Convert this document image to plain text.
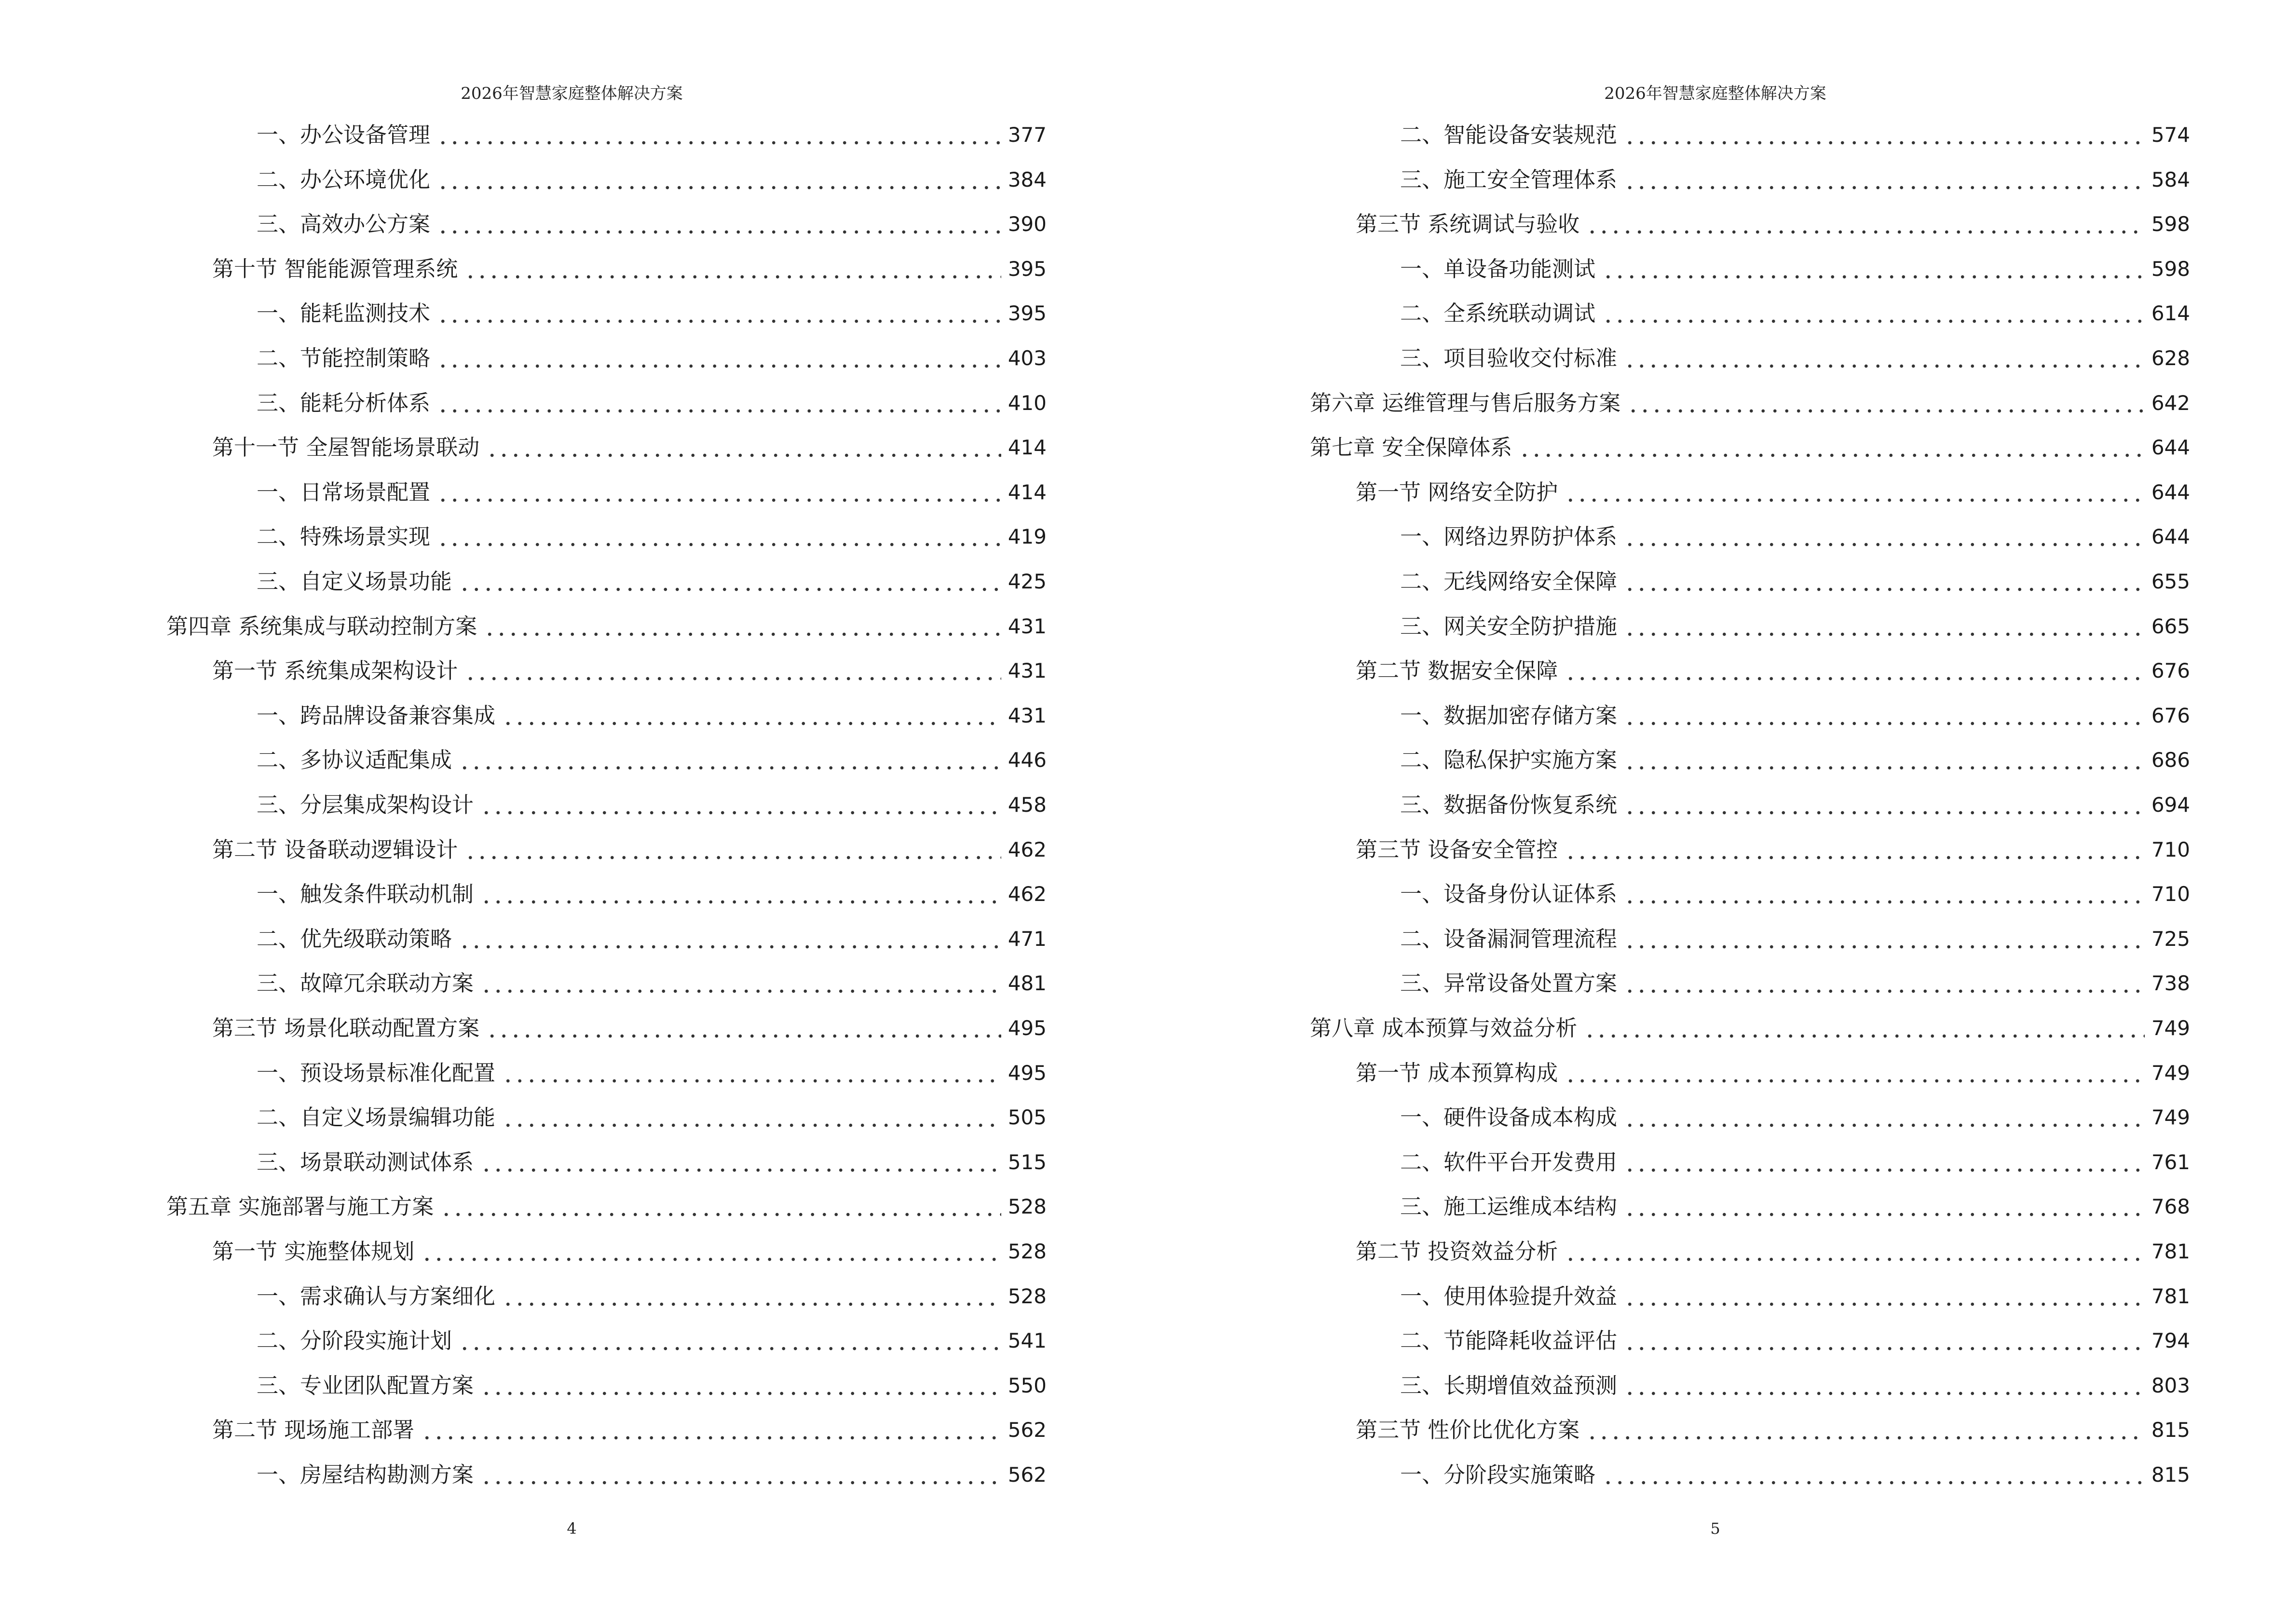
2026年智慧家庭整体解决方案
一、办公设备管理	377
二、办公环境优化	384
三、高效办公方案	390
第十节 智能能源管理系统	395
一、能耗监测技术	395
二、节能控制策略	403
三、能耗分析体系	410
第十一节 全屋智能场景联动	414
一、日常场景配置	414
二、特殊场景实现	419
三、自定义场景功能	425
第四章 系统集成与联动控制方案	431
第一节 系统集成架构设计	431
一、跨品牌设备兼容集成	431
二、多协议适配集成	446
三、分层集成架构设计	458
第二节 设备联动逻辑设计	462
一、触发条件联动机制	462
二、优先级联动策略	471
三、故障冗余联动方案	481
第三节 场景化联动配置方案	495
一、预设场景标准化配置	495
二、自定义场景编辑功能	505
三、场景联动测试体系	515
第五章 实施部署与施工方案	528
第一节 实施整体规划	528
一、需求确认与方案细化	528
二、分阶段实施计划	541
三、专业团队配置方案	550
第二节 现场施工部署	562
一、房屋结构勘测方案	562
4
2026年智慧家庭整体解决方案
二、智能设备安装规范	574
三、施工安全管理体系	584
第三节 系统调试与验收	598
一、单设备功能测试	598
二、全系统联动调试	614
三、项目验收交付标准	628
第六章 运维管理与售后服务方案	642
第七章 安全保障体系	644
第一节 网络安全防护	644
一、网络边界防护体系	644
二、无线网络安全保障	655
三、网关安全防护措施	665
第二节 数据安全保障	676
一、数据加密存储方案	676
二、隐私保护实施方案	686
三、数据备份恢复系统	694
第三节 设备安全管控	710
一、设备身份认证体系	710
二、设备漏洞管理流程	725
三、异常设备处置方案	738
第八章 成本预算与效益分析	749
第一节 成本预算构成	749
一、硬件设备成本构成	749
二、软件平台开发费用	761
三、施工运维成本结构	768
第二节 投资效益分析	781
一、使用体验提升效益	781
二、节能降耗收益评估	794
三、长期增值效益预测	803
第三节 性价比优化方案	815
一、分阶段实施策略	815
5
